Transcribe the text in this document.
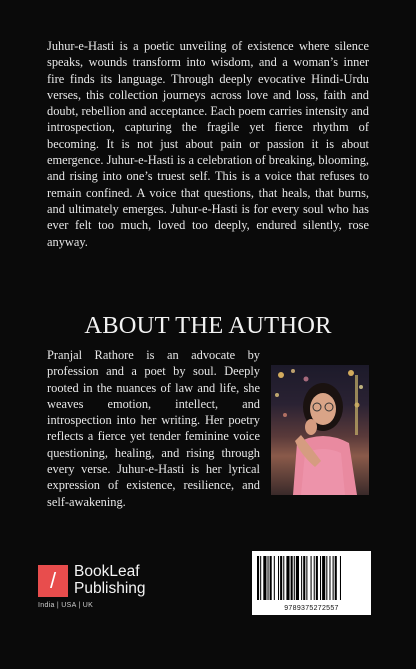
Juhur-e-Hasti is a poetic unveiling of existence where silence speaks, wounds transform into wisdom, and a woman’s inner fire finds its language. Through deeply evocative Hindi-Urdu verses, this collection journeys across love and loss, faith and doubt, rebellion and acceptance. Each poem carries intensity and introspection, capturing the fragile yet fierce rhythm of becoming. It is not just about pain or passion it is about emergence. Juhur-e-Hasti is a celebration of breaking, blooming, and rising into one’s truest self. This is a voice that refuses to remain confined. A voice that questions, that heals, that burns, and ultimately emerges. Juhur-e-Hasti is for every soul who has ever felt too much, loved too deeply, endured silently, rose anyway.

ABOUT THE AUTHOR

Pranjal Rathore is an advocate by profession and a poet by soul. Deeply rooted in the nuances of law and life, she weaves emotion, intellect, and introspection into her writing. Her poetry reflects a fierce yet tender feminine voice questioning, healing, and rising through every verse. Juhur-e-Hasti is her lyrical expression of existence, resilience, and self-awakening.

/ BookLeaf
Publishing
India | USA | UK	9789375272557
